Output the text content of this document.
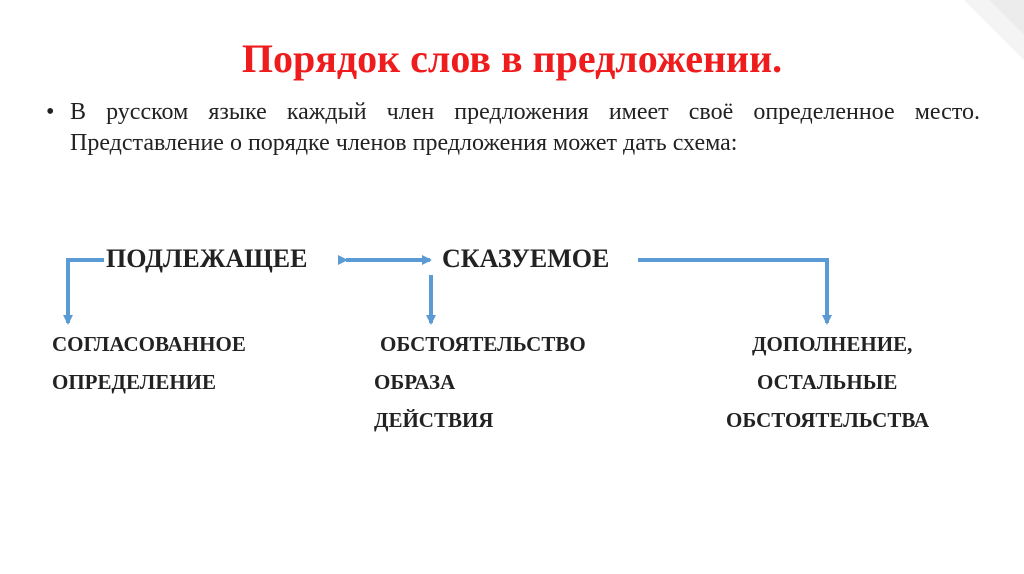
Порядок слов в предложении.
• В русском языке каждый член предложения имеет своё определенное место. Представление о порядке членов предложения может дать схема:
ПОДЛЕЖАЩЕЕ	СКАЗУЕМОЕ
СОГЛАСОВАННОЕ
ОПРЕДЕЛЕНИЕ
ОБСТОЯТЕЛЬСТВО
ОБРАЗА
ДЕЙСТВИЯ
ДОПОЛНЕНИЕ,
ОСТАЛЬНЫЕ
ОБСТОЯТЕЛЬСТВА
